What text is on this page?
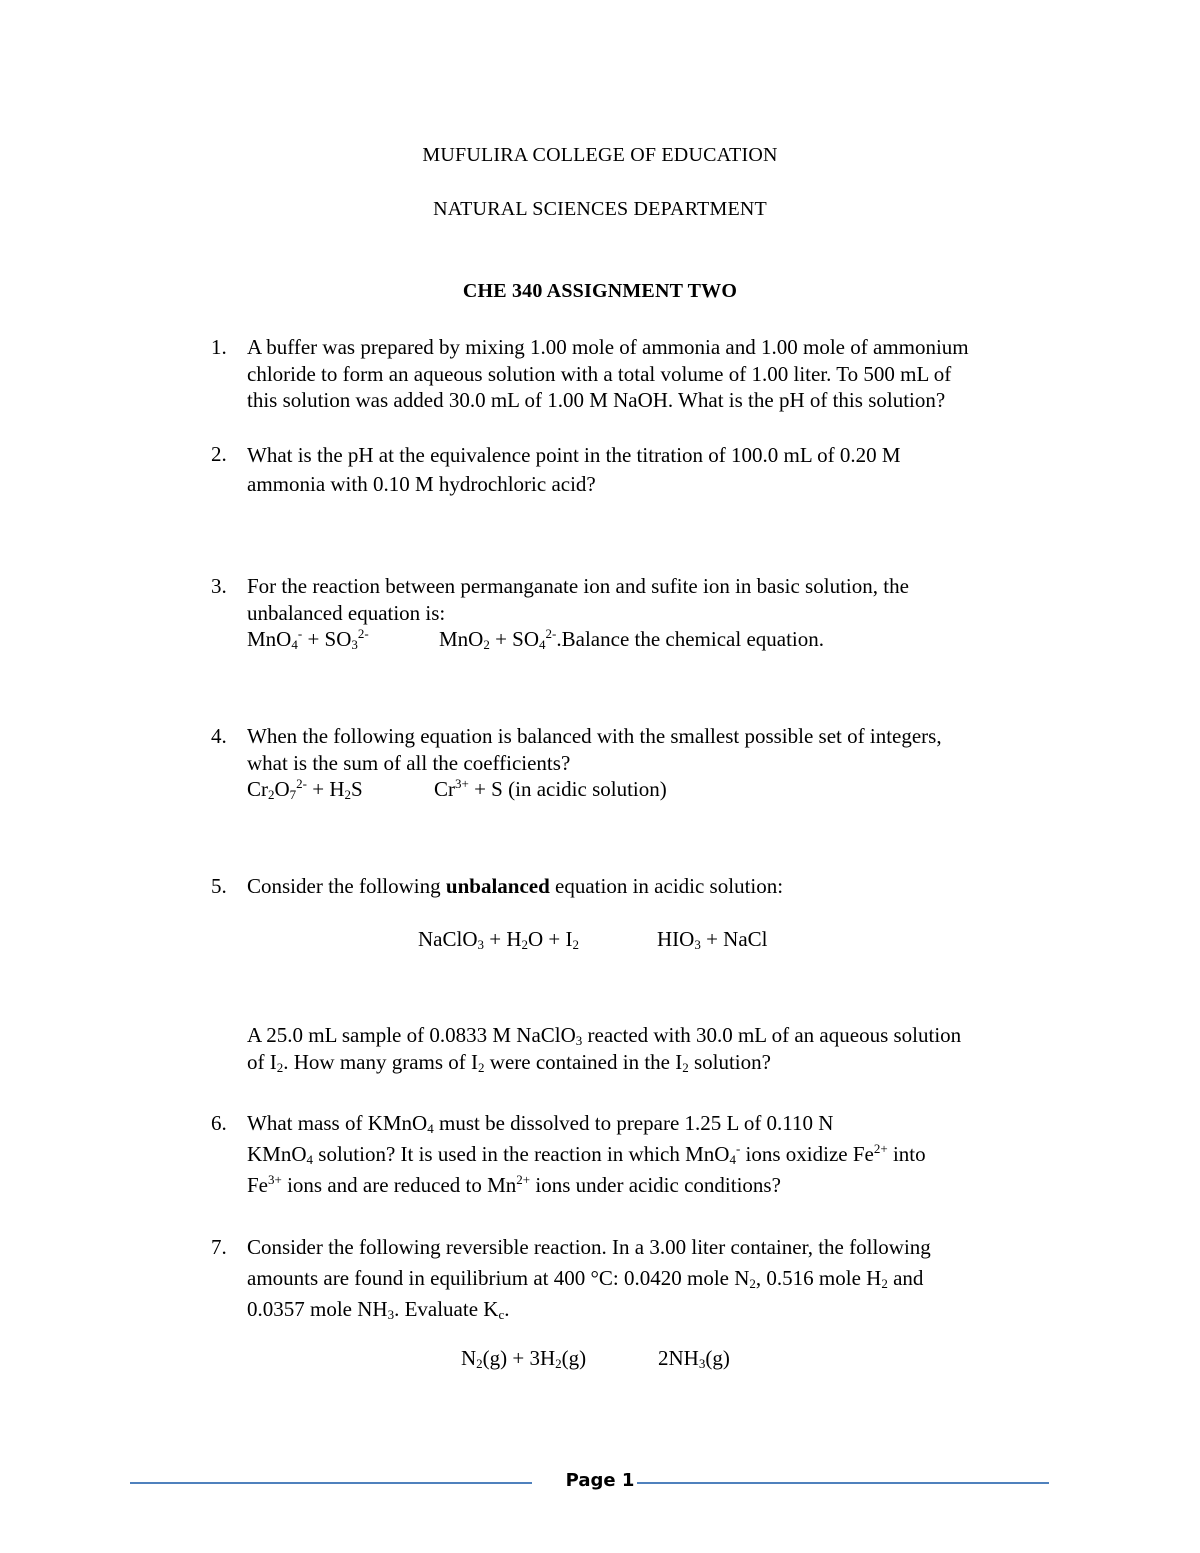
MUFULIRA COLLEGE OF EDUCATION
NATURAL SCIENCES DEPARTMENT
CHE 340 ASSIGNMENT TWO
1. A buffer was prepared by mixing 1.00 mole of ammonia and 1.00 mole of ammonium
chloride to form an aqueous solution with a total volume of 1.00 liter. To 500 mL of
this solution was added 30.0 mL of 1.00 M NaOH. What is the pH of this solution?
2. What is the pH at the equivalence point in the titration of 100.0 mL of 0.20 M
ammonia with 0.10 M hydrochloric acid?
3. For the reaction between permanganate ion and sufite ion in basic solution, the
unbalanced equation is:
$MnO_4^- + SO_3^{2-}$	$MnO_2 + SO_4^{2-}.Balance$ the chemical equation.
4. When the following equation is balanced with the smallest possible set of integers,
what is the sum of all the coefficients?
$Cr_2O_7^{2-} + H_2S$	$Cr^{3+} + S$ (in acidic solution)
5. Consider the following unbalanced equation in acidic solution:
NaClO$_3$ + $H_2O + I_2$	$HIO_3$ + NaCl
A 25.0 mL sample of 0.0833 M NaClO$_3$ reacted with 30.0 mL of an aqueous solution
of $I_2$. How many grams of $I_2$ were contained in the $I_2$ solution?
6. What mass of KMnO$_4$ must be dissolved to prepare 1.25 L of 0.110 N
KMnO$_4$ solution? It is used in the reaction in which MnO$_4$- ions oxidize $Fe^{2+}$ into
$Fe^{3+}$ ions and are reduced to $Mn^{2+}$ ions under acidic conditions?
7. Consider the following reversible reaction. In a 3.00 liter container, the following
amounts are found in equilibrium at 400 °C: 0.0420 mole $N_2$, 0.516 mole $H_2$ and
0.0357 mole $NH_3$. Evaluate $K_c$.
$N_2(g) + 3H_2(g)$	$2NH_3(g)$
Page 1
